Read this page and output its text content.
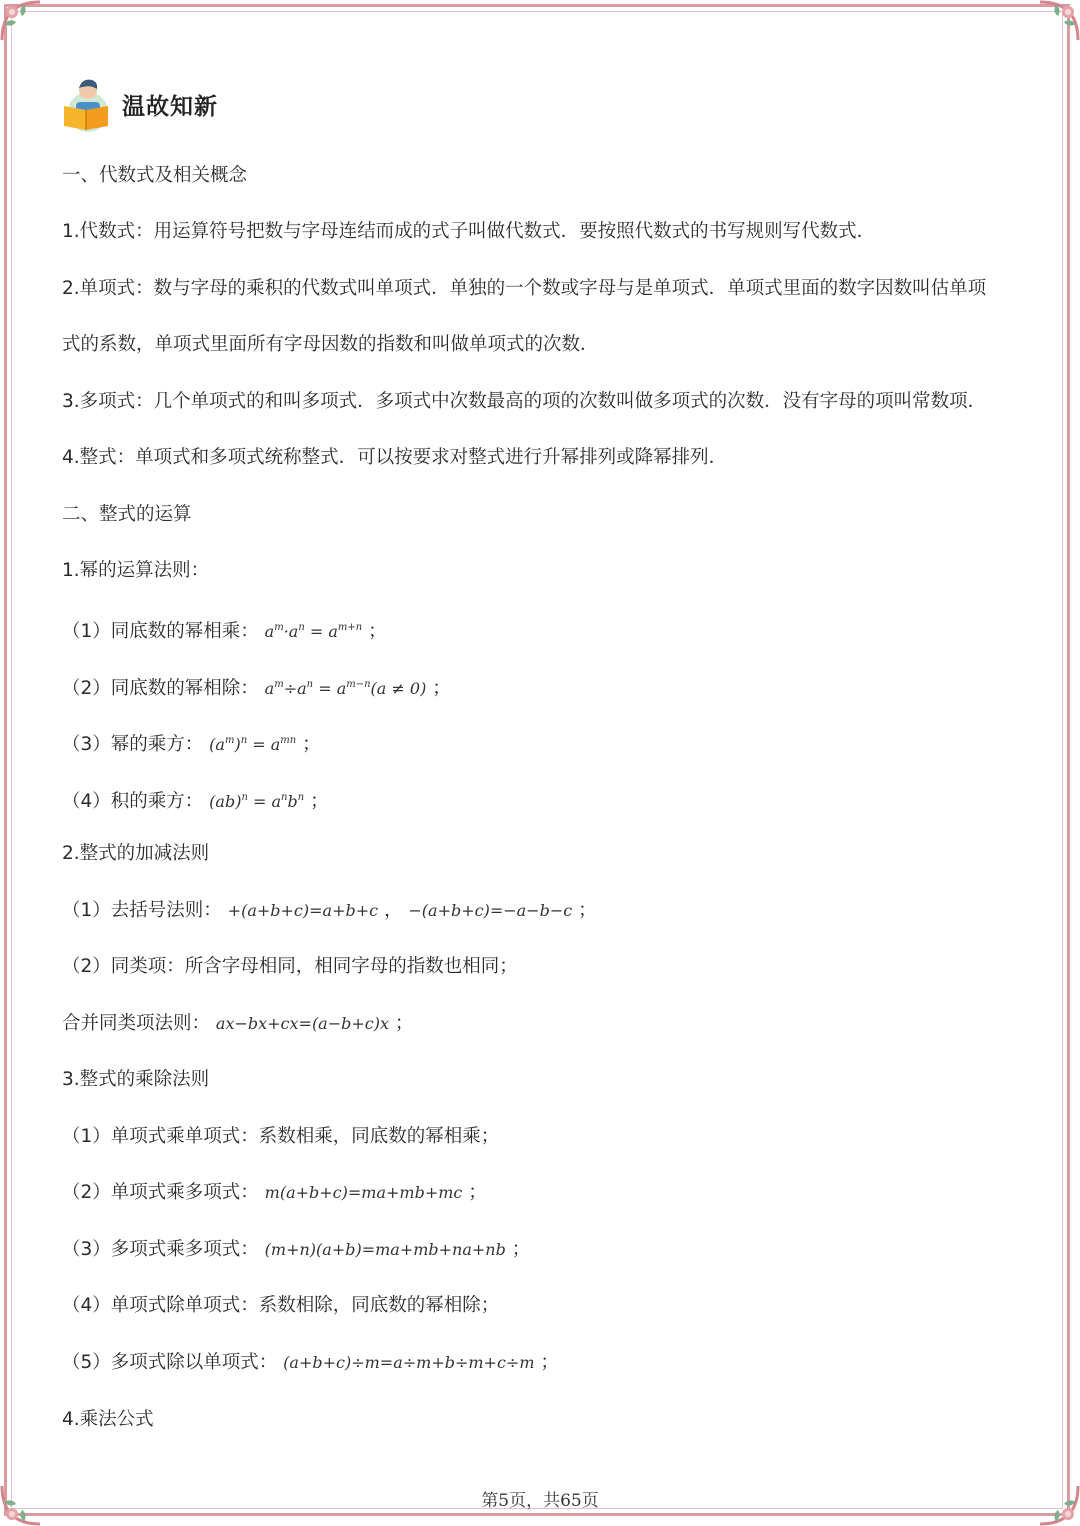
温故知新
一、代数式及相关概念
1.代数式：用运算符号把数与字母连结而成的式子叫做代数式．要按照代数式的书写规则写代数式．
2.单项式：数与字母的乘积的代数式叫单项式．单独的一个数或字母与是单项式．单项式里面的数字因数叫估单项
式的系数，单项式里面所有字母因数的指数和叫做单项式的次数．
3.多项式：几个单项式的和叫多项式．多项式中次数最高的项的次数叫做多项式的次数．没有字母的项叫常数项．
4.整式：单项式和多项式统称整式．可以按要求对整式进行升幂排列或降幂排列．
二、整式的运算
1.幂的运算法则：
（1）同底数的幂相乘： $a^m\cdot a^n = a^{m+n}$ ；
（2）同底数的幂相除： $a^m\div a^n = a^{m-n}(a \ne 0)$ ；
（3）幂的乘方： $(a^m)^n = a^{mn}$ ；
（4）积的乘方： $(ab)^n = a^nb^n$ ；
2.整式的加减法则
（1）去括号法则： +(a+b+c)=a+b+c ， −(a+b+c)=−a−b−c ；
（2）同类项：所含字母相同，相同字母的指数也相同；
合并同类项法则： ax−bx+cx=(a−b+c)x ；
3.整式的乘除法则
（1）单项式乘单项式：系数相乘，同底数的幂相乘；
（2）单项式乘多项式： m(a+b+c)=ma+mb+mc ；
（3）多项式乘多项式： (m+n)(a+b)=ma+mb+na+nb ；
（4）单项式除单项式：系数相除，同底数的幂相除；
（5）多项式除以单项式： (a+b+c)÷m=a÷m+b÷m+c÷m ；
4.乘法公式
第5页，共65页
